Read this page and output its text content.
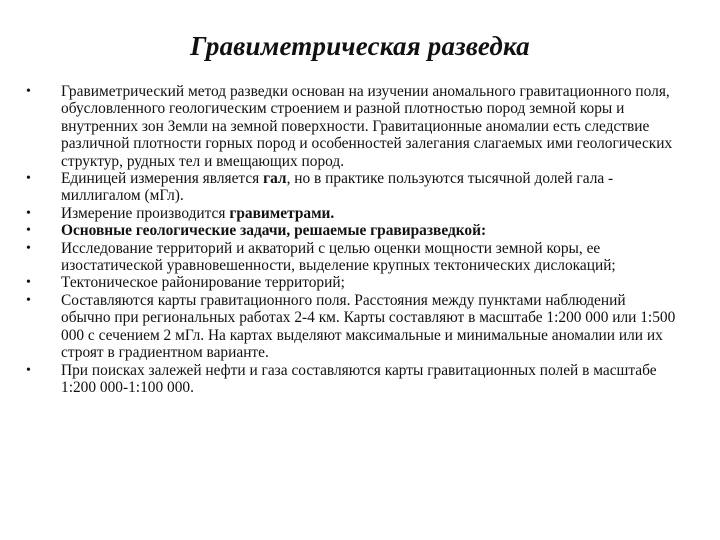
Гравиметрическая разведка
•	Гравиметрический метод разведки основан на изучении аномального гравитационного поля, обусловленного геологическим строением и разной плотностью пород земной коры и внутренних зон Земли на земной поверхности. Гравитационные аномалии есть следствие различной плотности горных пород и особенностей залегания слагаемых ими геологических структур, рудных тел и вмещающих пород.
•	Единицей измерения является гал, но в практике пользуются тысячной долей гала - миллигалом (мГл).
•	Измерение производится гравиметрами.
•	Основные геологические задачи, решаемые гравиразведкой:
•	Исследование территорий и акваторий с целью оценки мощности земной коры, ее изостатической уравновешенности, выделение крупных тектонических дислокаций;
•	Тектоническое районирование территорий;
•	Составляются карты гравитационного поля. Расстояния между пунктами наблюдений обычно при региональных работах 2-4 км. Карты составляют в масштабе 1:200 000 или 1:500 000 с сечением 2 мГл. На картах выделяют максимальные и минимальные аномалии или их строят в градиентном варианте.
•	При поисках залежей нефти и газа составляются карты гравитационных полей в масштабе 1:200 000-1:100 000.
